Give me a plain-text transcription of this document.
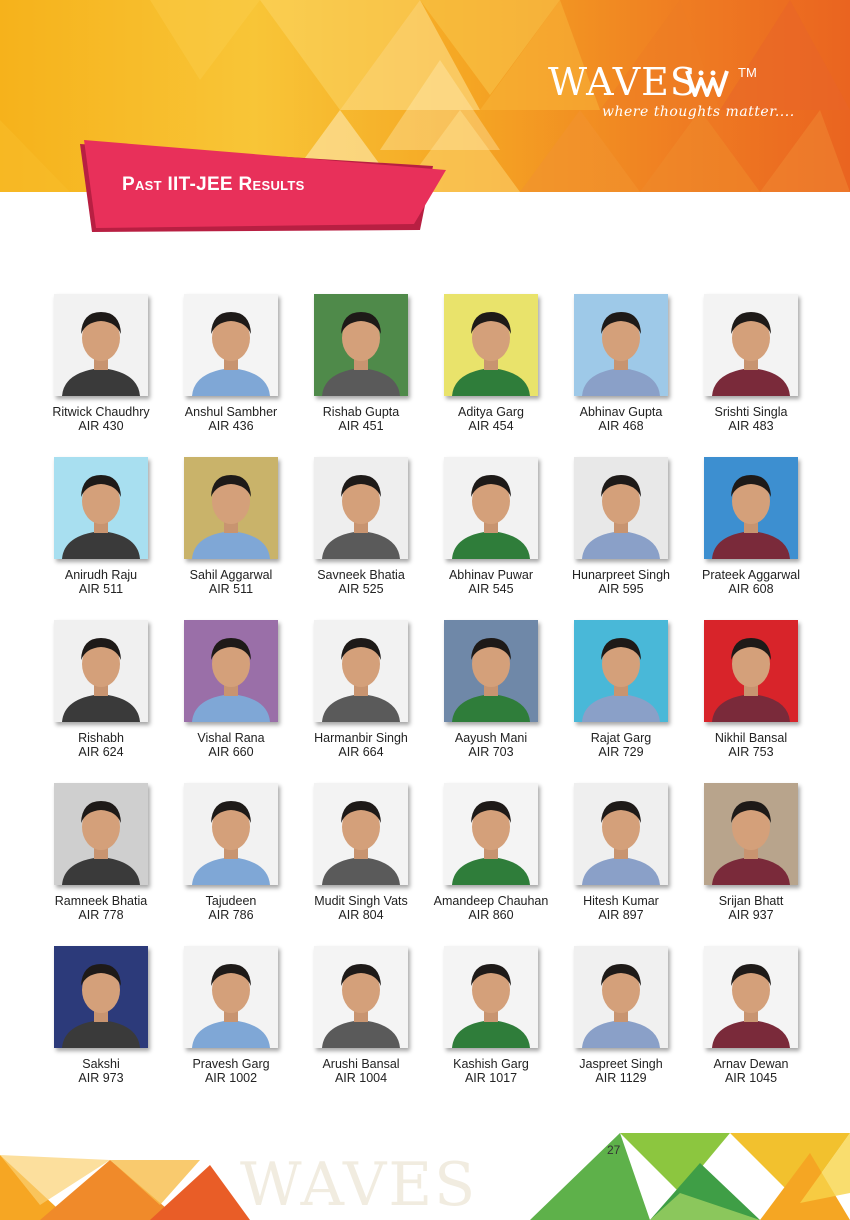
WAVES	TM
where thoughts matter....
Past IIT-JEE Results
Ritwick Chaudhry
AIR 430
Anshul Sambher
AIR 436
Rishab Gupta
AIR 451
Aditya Garg
AIR 454
Abhinav Gupta
AIR 468
Srishti Singla
AIR 483
Anirudh Raju
AIR 511
Sahil Aggarwal
AIR 511
Savneek Bhatia
AIR 525
Abhinav Puwar
AIR 545
Hunarpreet Singh
AIR 595
Prateek Aggarwal
AIR 608
Rishabh
AIR 624
Vishal Rana
AIR 660
Harmanbir Singh
AIR 664
Aayush Mani
AIR 703
Rajat Garg
AIR 729
Nikhil Bansal
AIR 753
Ramneek Bhatia
AIR 778
Tajudeen
AIR 786
Mudit Singh Vats
AIR 804
Amandeep Chauhan
AIR 860
Hitesh Kumar
AIR 897
Srijan Bhatt
AIR 937
Sakshi
AIR 973
Pravesh Garg
AIR 1002
Arushi Bansal
AIR 1004
Kashish Garg
AIR 1017
Jaspreet Singh
AIR 1129
Arnav Dewan
AIR 1045
WAVES	27
